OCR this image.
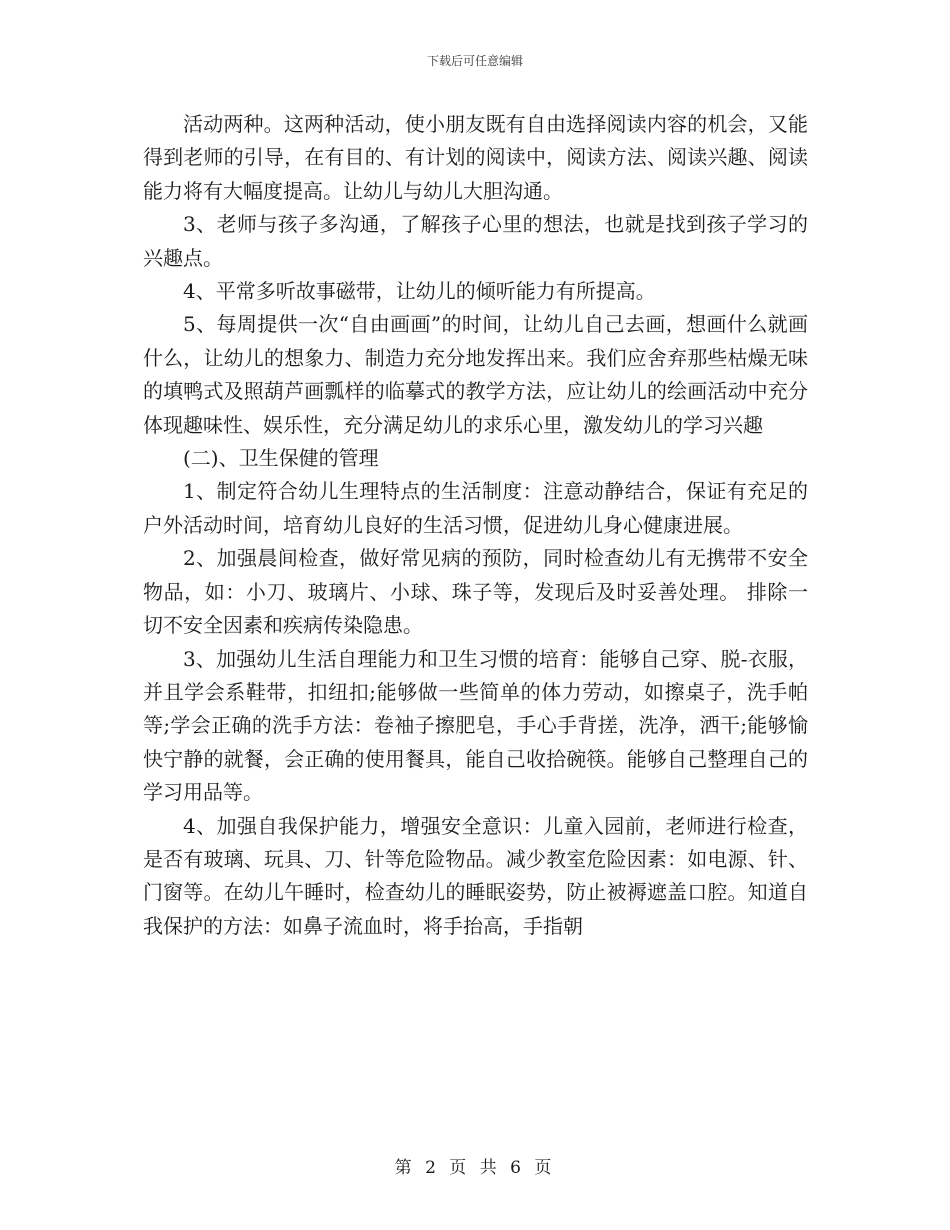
下载后可任意编辑

活动两种。这两种活动，使小朋友既有自由选择阅读内容的机会，又能得到老师的引导，在有目的、有计划的阅读中，阅读方法、阅读兴趣、阅读能力将有大幅度提高。让幼儿与幼儿大胆沟通。

3、老师与孩子多沟通，了解孩子心里的想法，也就是找到孩子学习的兴趣点。

4、平常多听故事磁带，让幼儿的倾听能力有所提高。

5、每周提供一次“自由画画”的时间，让幼儿自己去画，想画什么就画什么，让幼儿的想象力、制造力充分地发挥出来。我们应舍弃那些枯燥无味的填鸭式及照葫芦画瓢样的临摹式的教学方法，应让幼儿的绘画活动中充分体现趣味性、娱乐性，充分满足幼儿的求乐心里，激发幼儿的学习兴趣

(二)、卫生保健的管理

1、制定符合幼儿生理特点的生活制度：注意动静结合，保证有充足的户外活动时间，培育幼儿良好的生活习惯，促进幼儿身心健康进展。

2、加强晨间检查，做好常见病的预防，同时检查幼儿有无携带不安全物品，如：小刀、玻璃片、小球、珠子等，发现后及时妥善处理。 排除一切不安全因素和疾病传染隐患。

3、加强幼儿生活自理能力和卫生习惯的培育：能够自己穿、脱-衣服，并且学会系鞋带，扣纽扣;能够做一些简单的体力劳动，如擦桌子，洗手帕等;学会正确的洗手方法：卷袖子擦肥皂，手心手背搓，洗净，洒干;能够愉快宁静的就餐，会正确的使用餐具，能自己收拾碗筷。能够自己整理自己的学习用品等。

4、加强自我保护能力，增强安全意识：儿童入园前，老师进行检查，是否有玻璃、玩具、刀、针等危险物品。减少教室危险因素：如电源、针、门窗等。在幼儿午睡时，检查幼儿的睡眠姿势，防止被褥遮盖口腔。知道自我保护的方法：如鼻子流血时，将手抬高，手指朝

第 2 页 共 6 页
